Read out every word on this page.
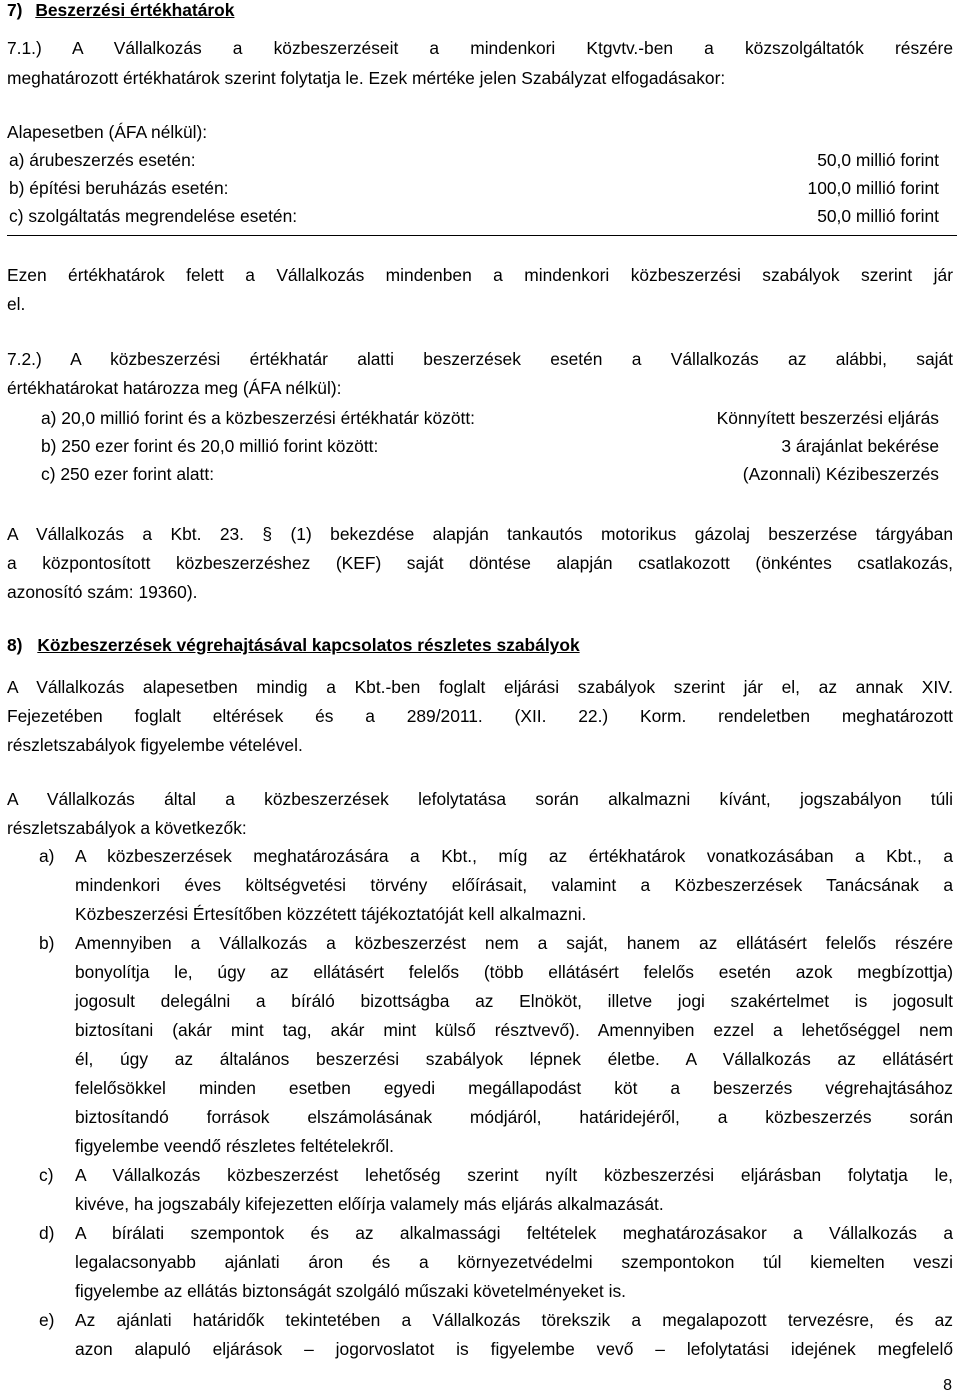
7) Beszerzési értékhatárok
7.1.) A Vállalkozás a közbeszerzéseit a mindenkori Ktgvtv.-ben a közszolgáltatók részére
meghatározott értékhatárok szerint folytatja le. Ezek mértéke jelen Szabályzat elfogadásakor:
Alapesetben (ÁFA nélkül):
a) árubeszerzés esetén:	50,0 millió forint
b) építési beruházás esetén:	100,0 millió forint
c) szolgáltatás megrendelése esetén:	50,0 millió forint
Ezen értékhatárok felett a Vállalkozás mindenben a mindenkori közbeszerzési szabályok szerint jár
el.
7.2.) A közbeszerzési értékhatár alatti beszerzések esetén a Vállalkozás az alábbi, saját
értékhatárokat határozza meg (ÁFA nélkül):
a) 20,0 millió forint és a közbeszerzési értékhatár között:	Könnyített beszerzési eljárás
b) 250 ezer forint és 20,0 millió forint között:	3 árajánlat bekérése
c) 250 ezer forint alatt:	(Azonnali) Kézibeszerzés
A Vállalkozás a Kbt. 23. § (1) bekezdése alapján tankautós motorikus gázolaj beszerzése tárgyában
a központosított közbeszerzéshez (KEF) saját döntése alapján csatlakozott (önkéntes csatlakozás,
azonosító szám: 19360).
8) Közbeszerzések végrehajtásával kapcsolatos részletes szabályok
A Vállalkozás alapesetben mindig a Kbt.-ben foglalt eljárási szabályok szerint jár el, az annak XIV.
Fejezetében foglalt eltérések és a 289/2011. (XII. 22.) Korm. rendeletben meghatározott
részletszabályok figyelembe vételével.
A Vállalkozás által a közbeszerzések lefolytatása során alkalmazni kívánt, jogszabályon túli
részletszabályok a következők:
a) A közbeszerzések meghatározására a Kbt., míg az értékhatárok vonatkozásában a Kbt., a
mindenkori éves költségvetési törvény előírásait, valamint a Közbeszerzések Tanácsának a
Közbeszerzési Értesítőben közzétett tájékoztatóját kell alkalmazni.
b) Amennyiben a Vállalkozás a közbeszerzést nem a saját, hanem az ellátásért felelős részére
bonyolítja le, úgy az ellátásért felelős (több ellátásért felelős esetén azok megbízottja)
jogosult delegálni a bíráló bizottságba az Elnököt, illetve jogi szakértelmet is jogosult
biztosítani (akár mint tag, akár mint külső résztvevő). Amennyiben ezzel a lehetőséggel nem
él, úgy az általános beszerzési szabályok lépnek életbe. A Vállalkozás az ellátásért
felelősökkel minden esetben egyedi megállapodást köt a beszerzés végrehajtásához
biztosítandó források elszámolásának módjáról, határidejéről, a közbeszerzés során
figyelembe veendő részletes feltételekről.
c) A Vállalkozás közbeszerzést lehetőség szerint nyílt közbeszerzési eljárásban folytatja le,
kivéve, ha jogszabály kifejezetten előírja valamely más eljárás alkalmazását.
d) A bírálati szempontok és az alkalmassági feltételek meghatározásakor a Vállalkozás a
legalacsonyabb ajánlati áron és a környezetvédelmi szempontokon túl kiemelten veszi
figyelembe az ellátás biztonságát szolgáló műszaki követelményeket is.
e) Az ajánlati határidők tekintetében a Vállalkozás törekszik a megalapozott tervezésre, és az
azon alapuló eljárások – jogorvoslatot is figyelembe vevő – lefolytatási idejének megfelelő
8
